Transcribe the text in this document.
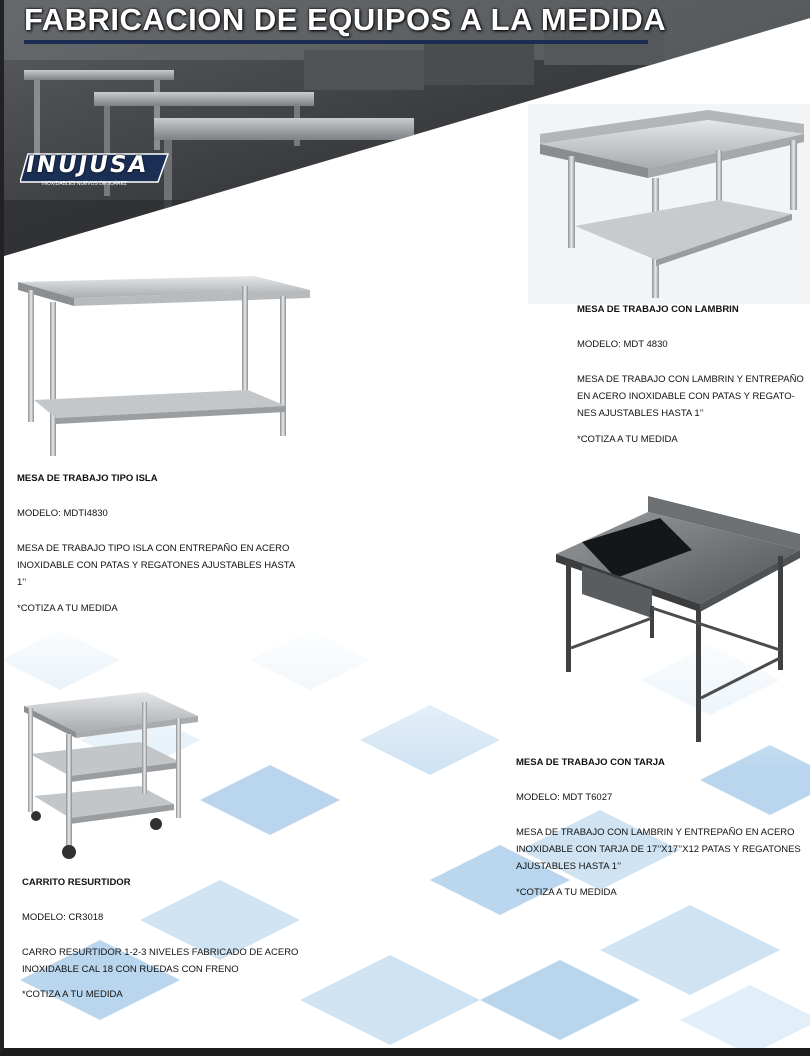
FABRICACION DE EQUIPOS A LA MEDIDA
INUJUSA
INOXIDABLES NUEVOS DE JUÁREZ
MESA DE TRABAJO TIPO ISLA
MODELO: MDTI4830
MESA DE TRABAJO TIPO ISLA CON ENTREPAÑO EN ACERO
INOXIDABLE CON PATAS Y REGATONES AJUSTABLES HASTA
1’’
*COTIZA A TU MEDIDA
MESA DE TRABAJO CON LAMBRIN
MODELO: MDT 4830
MESA DE TRABAJO CON LAMBRIN Y ENTREPAÑO
EN ACERO INOXIDABLE CON PATAS Y REGATO-
NES AJUSTABLES HASTA 1’’
*COTIZA A TU MEDIDA
MESA DE TRABAJO CON TARJA
MODELO: MDT T6027
MESA DE TRABAJO CON LAMBRIN Y ENTREPAÑO EN ACERO
INOXIDABLE CON TARJA DE 17’’X17’’X12 PATAS Y REGATONES
AJUSTABLES HASTA 1’’
*COTIZA A TU MEDIDA
CARRITO RESURTIDOR
MODELO: CR3018
CARRO RESURTIDOR 1-2-3 NIVELES FABRICADO DE ACERO
INOXIDABLE CAL 18 CON RUEDAS CON FRENO
*COTIZA A TU MEDIDA
